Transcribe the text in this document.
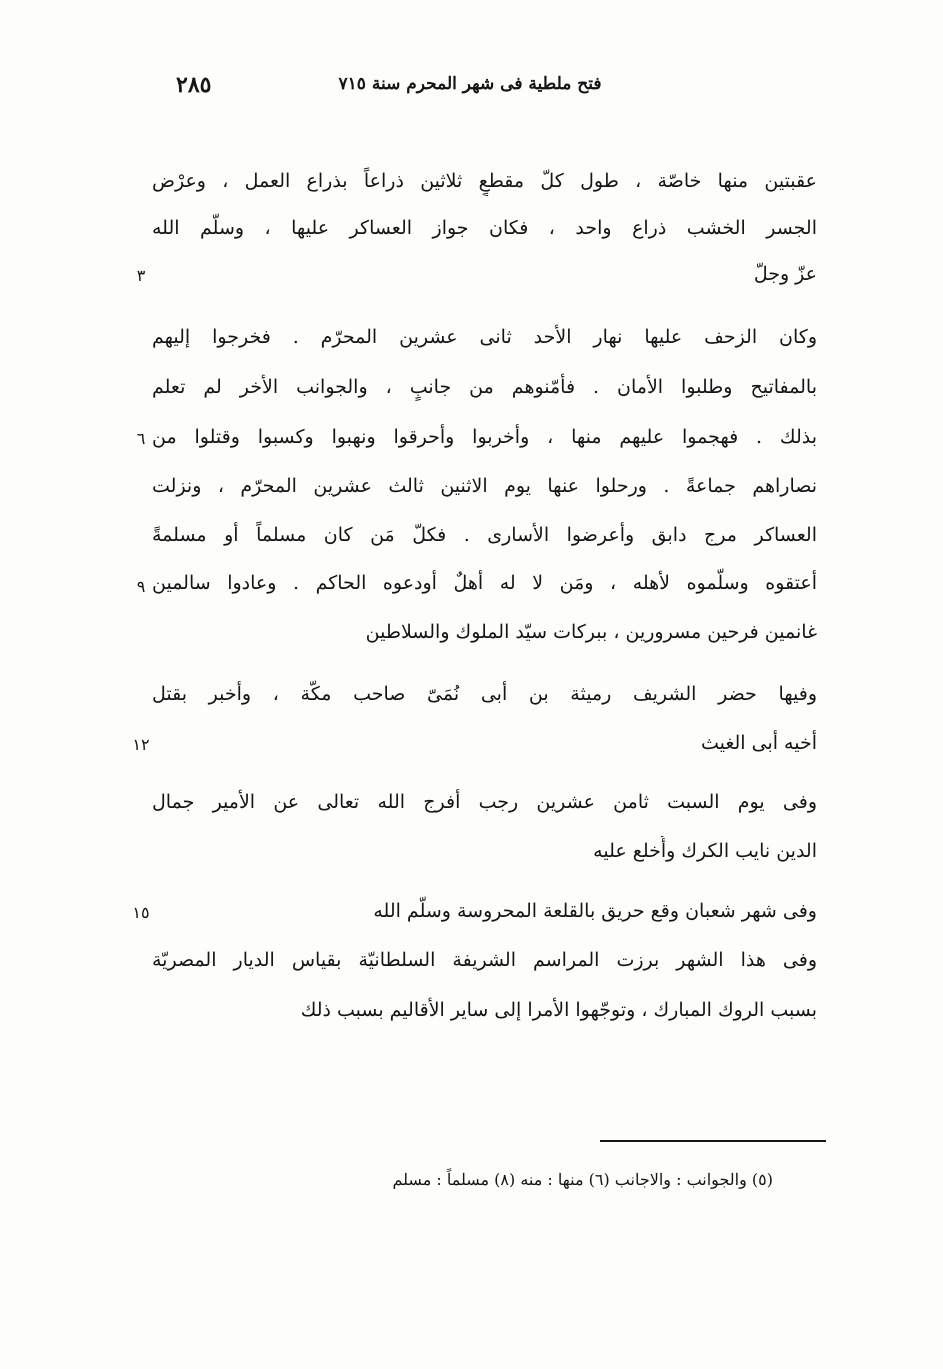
٢٨٥	فتح ملطية فى شهر المحرم سنة ٧١٥
عقبتين منها خاصّة ، طول كلّ مقطعٍ ثلاثين ذراعاً بذراع العمل ، وعرْض
الجسر الخشب ذراع واحد ، فكان جواز العساكر عليها ، وسلّم الله
عزّ وجلّ
وكان الزحف عليها نهار الأحد ثانى عشرين المحرّم . فخرجوا إليهم
بالمفاتيح وطلبوا الأمان . فأمّنوهم من جانبٍ ، والجوانب الأخر لم تعلم
بذلك . فهجموا عليهم منها ، وأخربوا وأحرقوا ونهبوا وكسبوا وقتلوا من
نصاراهم جماعةً . ورحلوا عنها يوم الاثنين ثالث عشرين المحرّم ، ونزلت
العساكر مرج دابق وأعرضوا الأسارى . فكلّ مَن كان مسلماً أو مسلمةً
أعتقوه وسلّموه لأهله ، ومَن لا له أهلٌ أودعوه الحاكم . وعادوا سالمين
غانمين فرحين مسرورين ، ببركات سيّد الملوك والسلاطين
وفيها حضر الشريف رميثة بن أبى نُمَىّ صاحب مكّة ، وأخبر بقتل
أخيه أبى الغيث
وفى يوم السبت ثامن عشرين رجب أفرج الله تعالى عن الأمير جمال
الدين نايب الكرك وأُخلع عليه
وفى شهر شعبان وقع حريق بالقلعة المحروسة وسلّم الله
وفى هذا الشهر برزت المراسم الشريفة السلطانيّة بقياس الديار المصريّة
بسبب الروك المبارك ، وتوجّهوا الأمرا إلى ساير الأقاليم بسبب ذلك
٣
٦
٩
١٢
١٥
(٥) والجوانب : والاجانب (٦) منها : منه (٨) مسلماً : مسلم
